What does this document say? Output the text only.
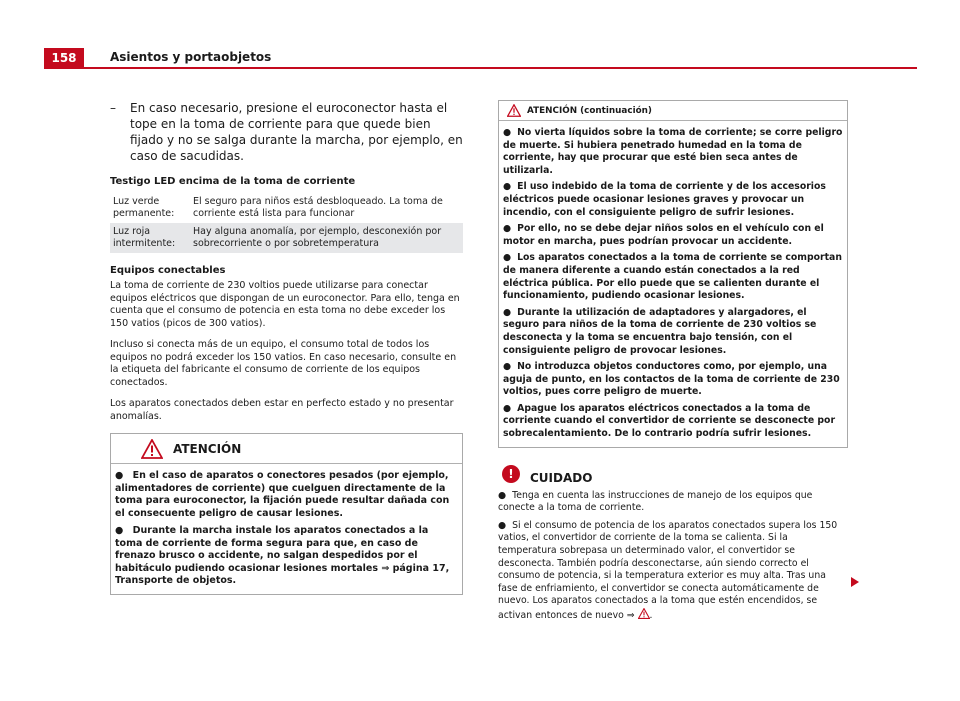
158	Asientos y portaobjetos
– En caso necesario, presione el euroconector hasta el tope en la toma de corriente para que quede bien fijado y no se salga durante la marcha, por ejemplo, en caso de sacudidas.
Testigo LED encima de la toma de corriente
Luz verde permanente:	El seguro para niños está desbloqueado. La toma de corriente está lista para funcionar
Luz roja intermitente:	Hay alguna anomalía, por ejemplo, desconexión por sobrecorriente o por sobretemperatura
Equipos conectables

La toma de corriente de 230 voltios puede utilizarse para conectar equipos eléctricos que dispongan de un euroconector. Para ello, tenga en cuenta que el consumo de potencia en esta toma no debe exceder los 150 vatios (picos de 300 vatios).

Incluso si conecta más de un equipo, el consumo total de todos los equipos no podrá exceder los 150 vatios. En caso necesario, consulte en la etiqueta del fabricante el consumo de corriente de los equipos conectados.

Los aparatos conectados deben estar en perfecto estado y no presentar anomalías.

ATENCIÓN
● En el caso de aparatos o conectores pesados (por ejemplo, alimentadores de corriente) que cuelguen directamente de la toma para euroconector, la fijación puede resultar dañada con el consecuente peligro de causar lesiones.
● Durante la marcha instale los aparatos conectados a la toma de corriente de forma segura para que, en caso de frenazo brusco o accidente, no salgan despedidos por el habitáculo pudiendo ocasionar lesiones mortales ⇒ página 17, Transporte de objetos.
ATENCIÓN (continuación)
● No vierta líquidos sobre la toma de corriente; se corre peligro de muerte. Si hubiera penetrado humedad en la toma de corriente, hay que procurar que esté bien seca antes de utilizarla.
● El uso indebido de la toma de corriente y de los accesorios eléctricos puede ocasionar lesiones graves y provocar un incendio, con el consiguiente peligro de sufrir lesiones.
● Por ello, no se debe dejar niños solos en el vehículo con el motor en marcha, pues podrían provocar un accidente.
● Los aparatos conectados a la toma de corriente se comportan de manera diferente a cuando están conectados a la red eléctrica pública. Por ello puede que se calienten durante el funcionamiento, pudiendo ocasionar lesiones.
● Durante la utilización de adaptadores y alargadores, el seguro para niños de la toma de corriente de 230 voltios se desconecta y la toma se encuentra bajo tensión, con el consiguiente peligro de provocar lesiones.
● No introduzca objetos conductores como, por ejemplo, una aguja de punto, en los contactos de la toma de corriente de 230 voltios, pues corre peligro de muerte.
● Apague los aparatos eléctricos conectados a la toma de corriente cuando el convertidor de corriente se desconecte por sobrecalentamiento. De lo contrario podría sufrir lesiones.
!	CUIDADO
● Tenga en cuenta las instrucciones de manejo de los equipos que conecte a la toma de corriente.
● Si el consumo de potencia de los aparatos conectados supera los 150 vatios, el convertidor de corriente de la toma se calienta. Si la temperatura sobrepasa un determinado valor, el convertidor se desconecta. También podría desconectarse, aún siendo correcto el consumo de potencia, si la temperatura exterior es muy alta. Tras una fase de enfriamiento, el convertidor se conecta automáticamente de nuevo. Los aparatos conectados a la toma que estén encendidos, se activan entonces de nuevo ⇒ .
